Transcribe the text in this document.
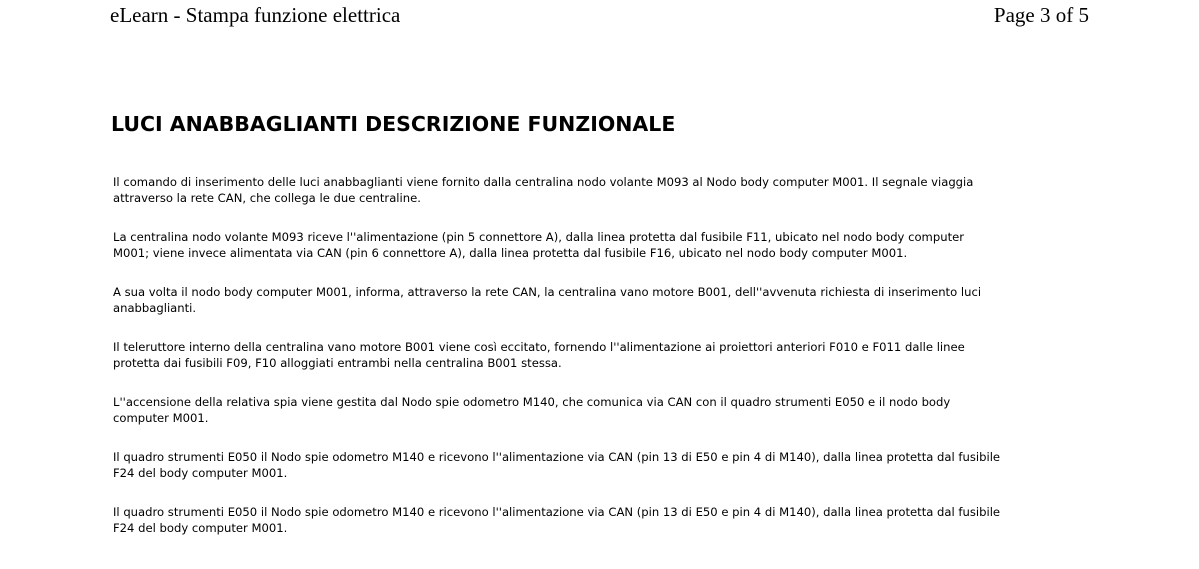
eLearn - Stampa funzione elettrica	Page 3 of 5
LUCI ANABBAGLIANTI DESCRIZIONE FUNZIONALE

Il comando di inserimento delle luci anabbaglianti viene fornito dalla centralina nodo volante M093 al Nodo body computer M001. Il segnale viaggia
attraverso la rete CAN, che collega le due centraline.

La centralina nodo volante M093 riceve l''alimentazione (pin 5 connettore A), dalla linea protetta dal fusibile F11, ubicato nel nodo body computer
M001; viene invece alimentata via CAN (pin 6 connettore A), dalla linea protetta dal fusibile F16, ubicato nel nodo body computer M001.

A sua volta il nodo body computer M001, informa, attraverso la rete CAN, la centralina vano motore B001, dell''avvenuta richiesta di inserimento luci
anabbaglianti.

Il teleruttore interno della centralina vano motore B001 viene così eccitato, fornendo l''alimentazione ai proiettori anteriori F010 e F011 dalle linee
protetta dai fusibili F09, F10 alloggiati entrambi nella centralina B001 stessa.

L''accensione della relativa spia viene gestita dal Nodo spie odometro M140, che comunica via CAN con il quadro strumenti E050 e il nodo body
computer M001.

Il quadro strumenti E050 il Nodo spie odometro M140 e ricevono l''alimentazione via CAN (pin 13 di E50 e pin 4 di M140), dalla linea protetta dal fusibile
F24 del body computer M001.

Il quadro strumenti E050 il Nodo spie odometro M140 e ricevono l''alimentazione via CAN (pin 13 di E50 e pin 4 di M140), dalla linea protetta dal fusibile
F24 del body computer M001.
